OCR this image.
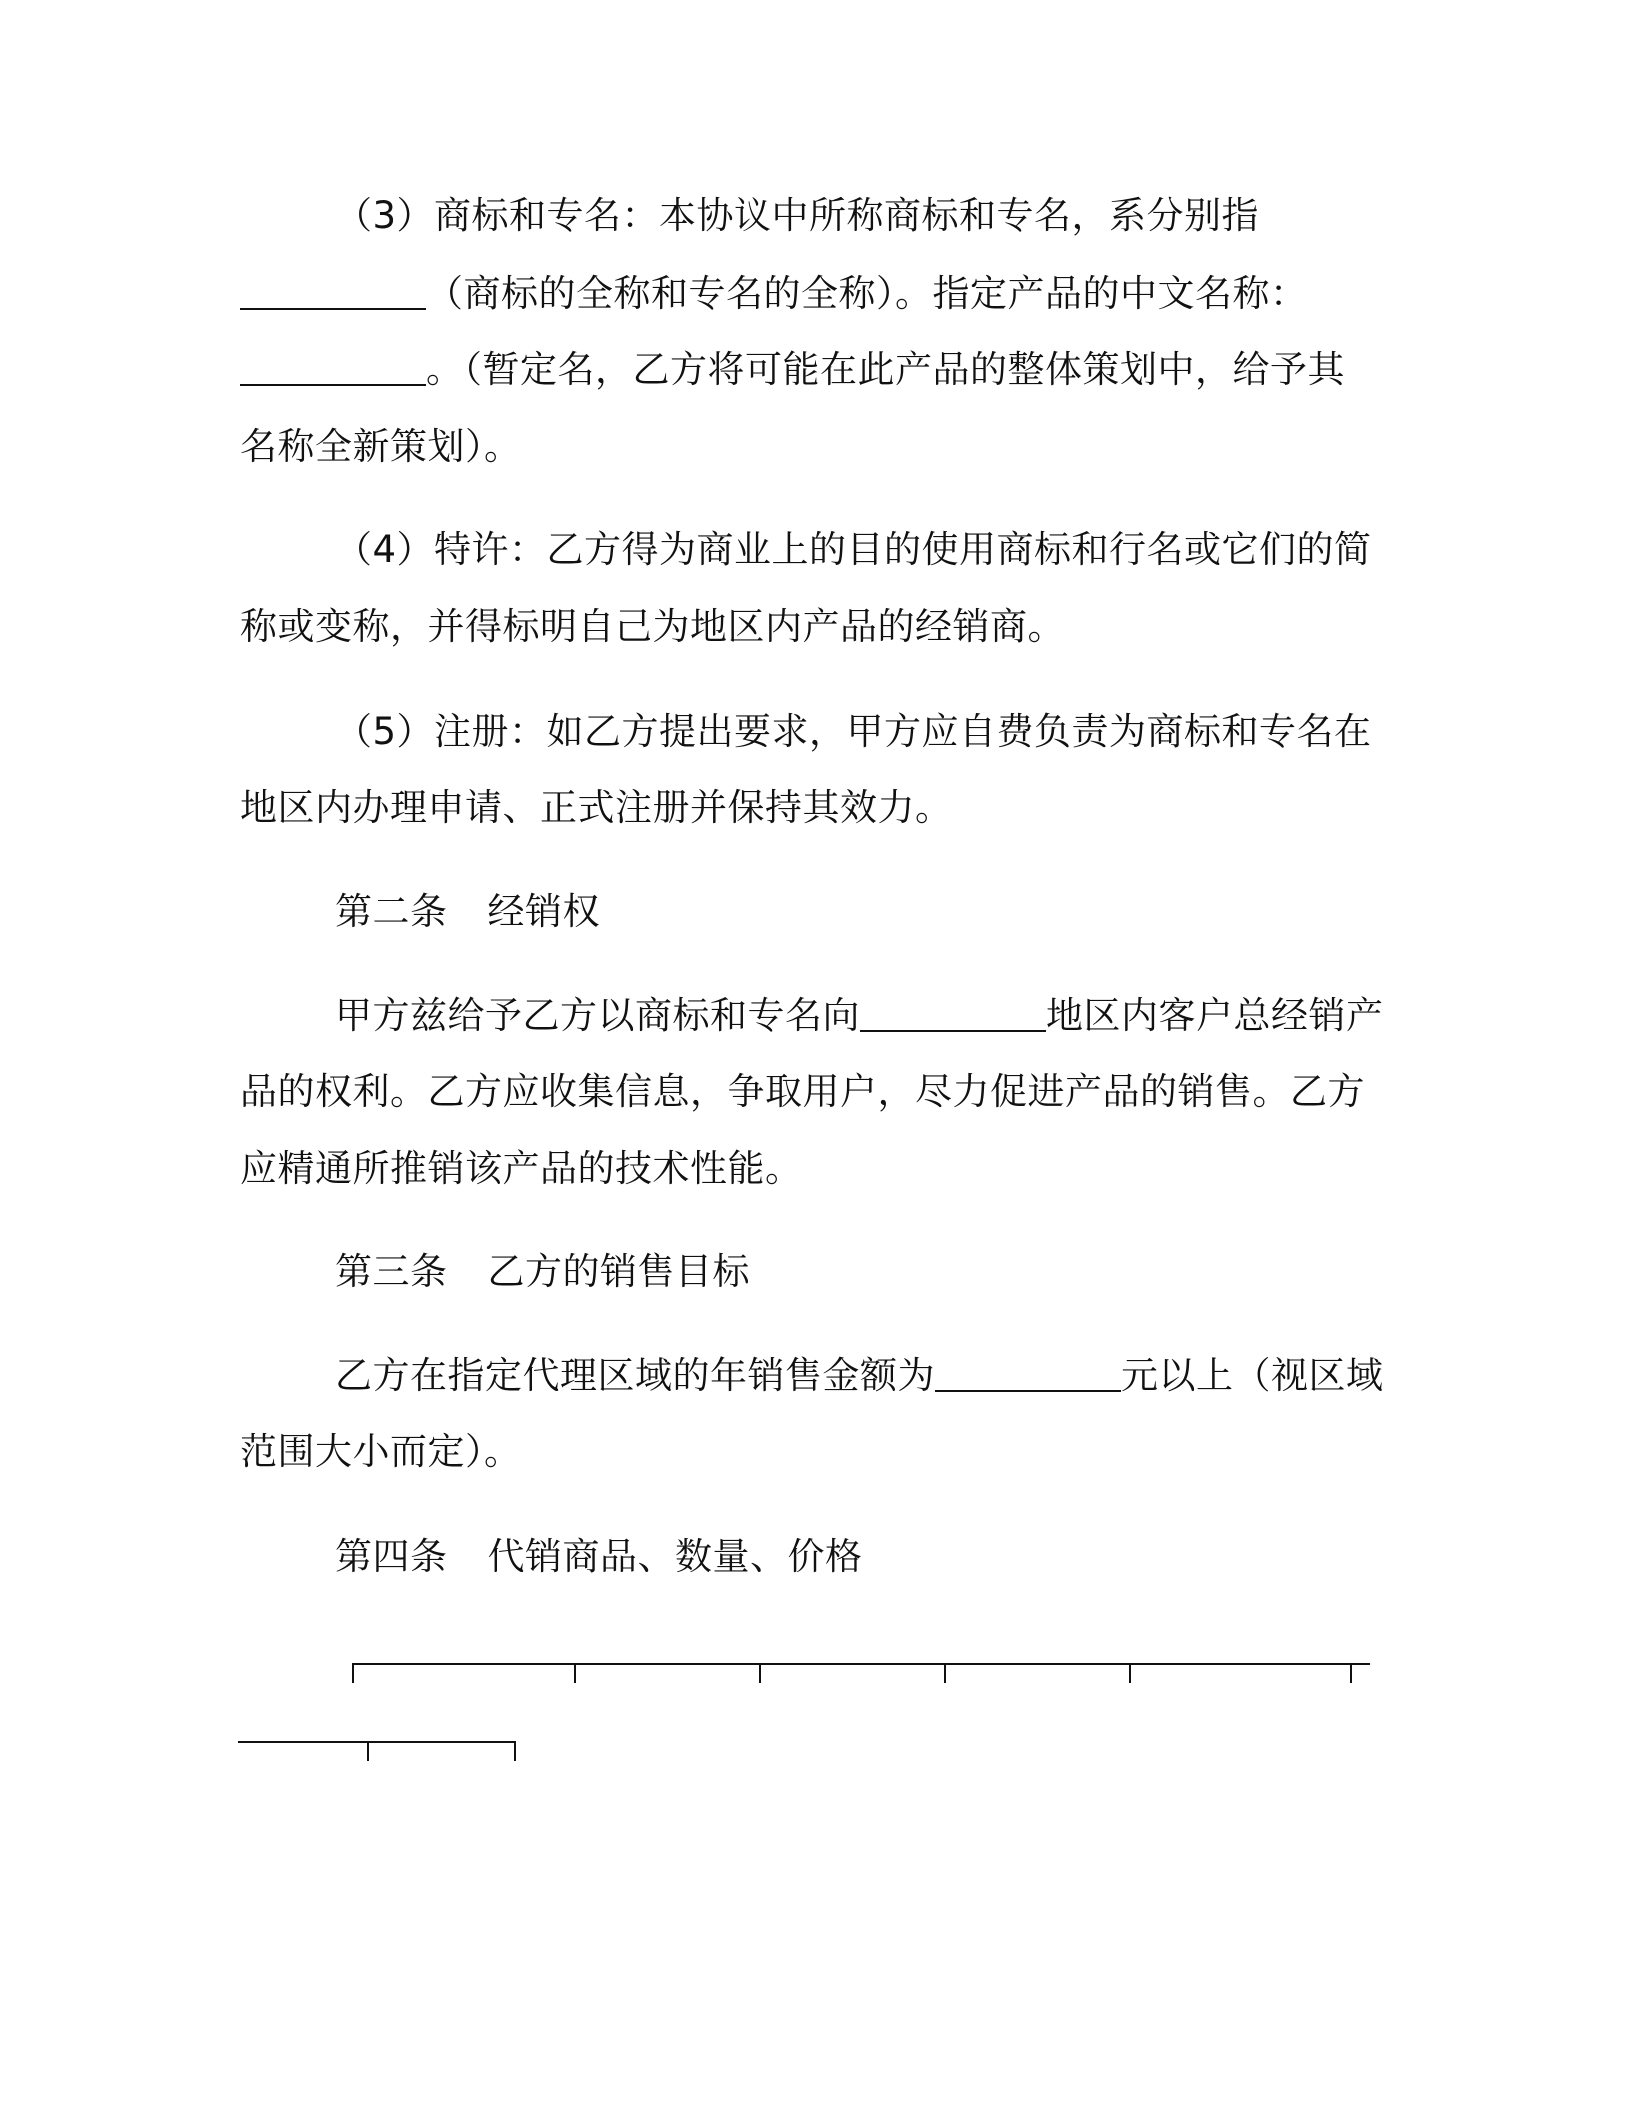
（3）商标和专名：本协议中所称商标和专名，系分别指
（商标的全称和专名的全称）。指定产品的中文名称：
。（暂定名，乙方将可能在此产品的整体策划中，给予其
名称全新策划）。
（4）特许：乙方得为商业上的目的使用商标和行名或它们的简
称或变称，并得标明自己为地区内产品的经销商。
（5）注册：如乙方提出要求，甲方应自费负责为商标和专名在
地区内办理申请、正式注册并保持其效力。
第二条 经销权
甲方兹给予乙方以商标和专名向	地区内客户总经销产
品的权利。乙方应收集信息，争取用户，尽力促进产品的销售。乙方
应精通所推销该产品的技术性能。
第三条 乙方的销售目标
乙方在指定代理区域的年销售金额为	元以上（视区域
范围大小而定）。
第四条 代销商品、数量、价格
